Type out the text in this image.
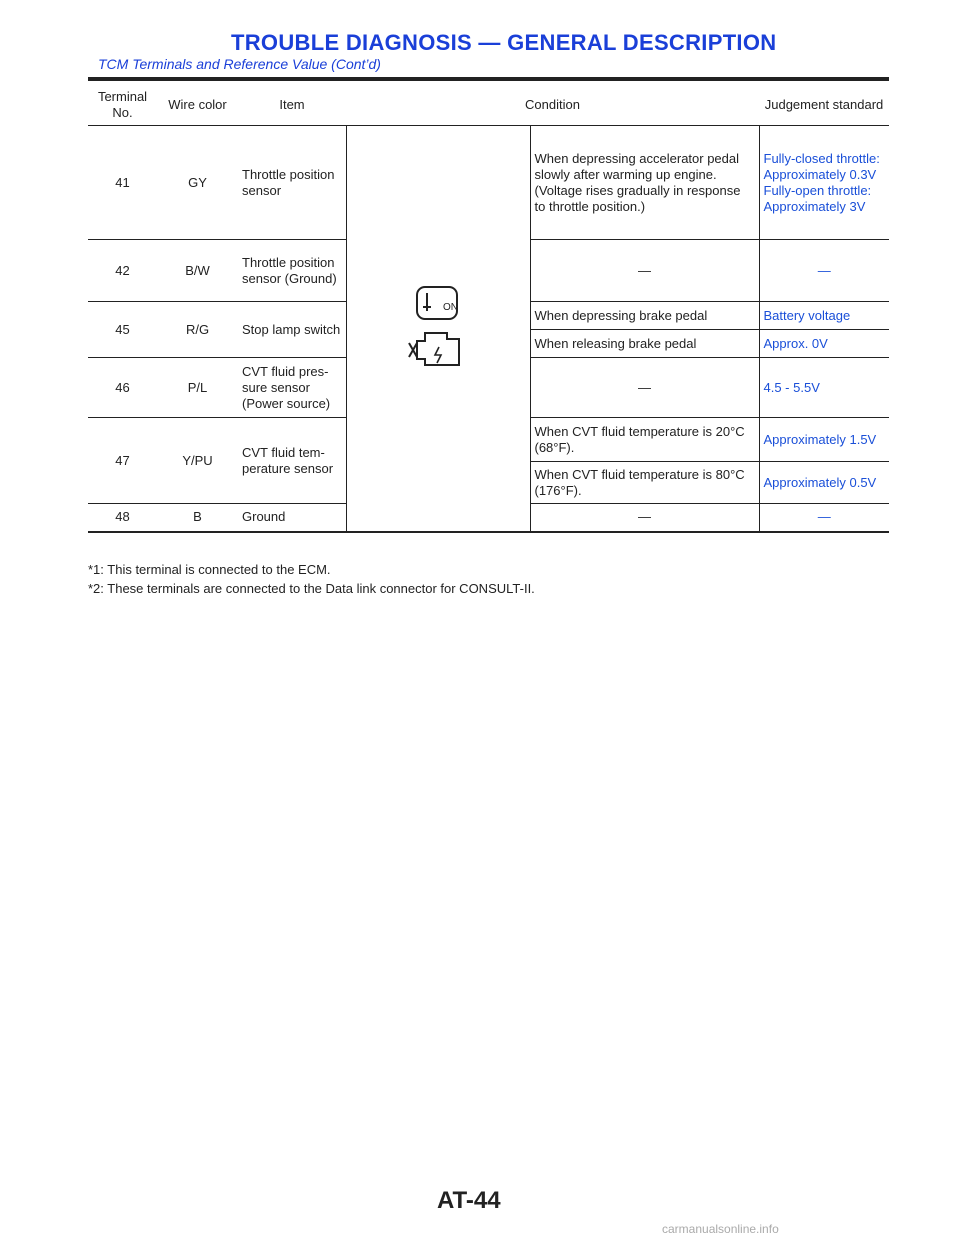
TROUBLE DIAGNOSIS — GENERAL DESCRIPTION
TCM Terminals and Reference Value (Cont’d)
Terminal No.	Wire color	Item	Condition		Judgement standard
41	GY	Throttle position sensor	ON	When depressing accelerator pedal slowly after warming up engine. (Voltage rises gradually in response to throttle position.)	Fully-closed throttle: Approximately 0.3V Fully-open throttle: Approximately 3V
42	B/W	Throttle position sensor (Ground)		—	—
45	R/G	Stop lamp switch		When depressing brake pedal	Battery voltage
				When releasing brake pedal	Approx. 0V
46	P/L	CVT fluid pres- sure sensor (Power source)		—	4.5 - 5.5V
47	Y/PU	CVT fluid tem- perature sensor		When CVT fluid temperature is 20°C (68°F).	Approximately 1.5V
				When CVT fluid temperature is 80°C (176°F).	Approximately 0.5V
48	B	Ground		—	—
*1: This terminal is connected to the ECM.
*2: These terminals are connected to the Data link connector for CONSULT-II.
AT-44
carmanualsonline.info
